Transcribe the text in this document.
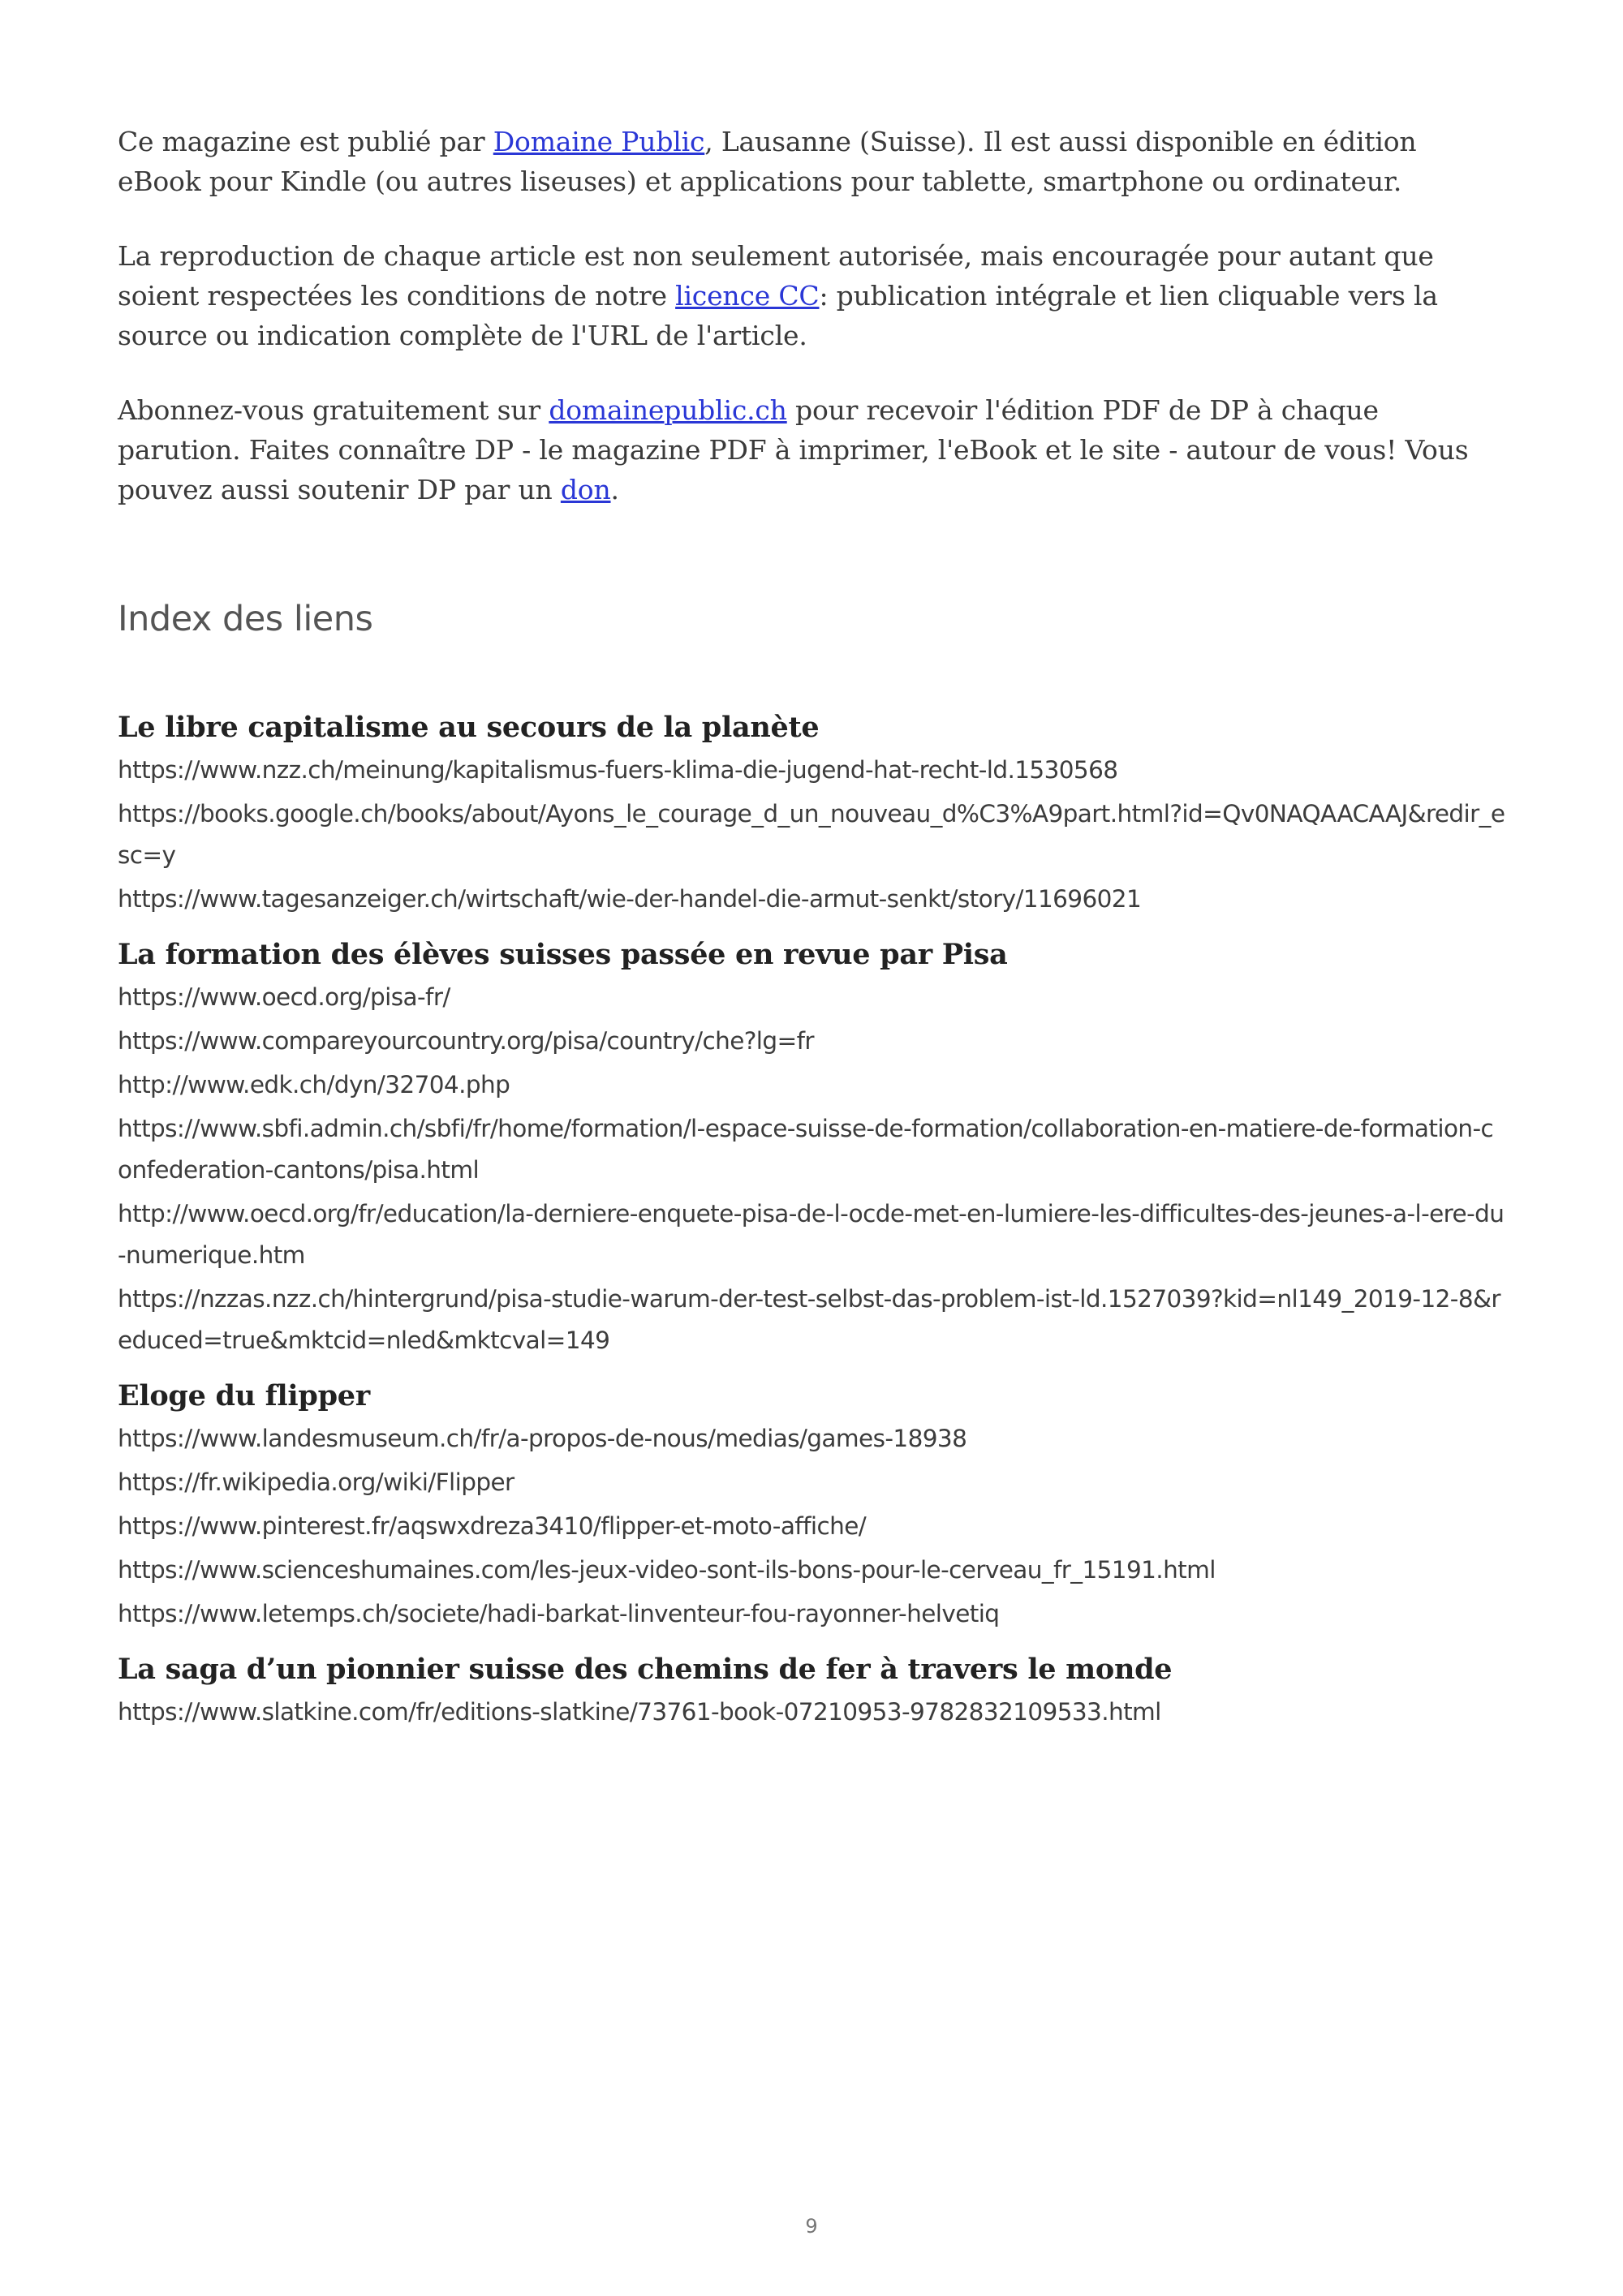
Ce magazine est publié par Domaine Public, Lausanne (Suisse). Il est aussi disponible en édition eBook pour Kindle (ou autres liseuses) et applications pour tablette, smartphone ou ordinateur.

La reproduction de chaque article est non seulement autorisée, mais encouragée pour autant que soient respectées les conditions de notre licence CC: publication intégrale et lien cliquable vers la source ou indication complète de l'URL de l'article.

Abonnez-vous gratuitement sur domainepublic.ch pour recevoir l'édition PDF de DP à chaque parution. Faites connaître DP - le magazine PDF à imprimer, l'eBook et le site - autour de vous! Vous pouvez aussi soutenir DP par un don.

Index des liens
Le libre capitalisme au secours de la planète
https://www.nzz.ch/meinung/kapitalismus-fuers-klima-die-jugend-hat-recht-ld.1530568
https://books.google.ch/books/about/Ayons_le_courage_d_un_nouveau_d%C3%A9part.html?id=Qv0NAQAACAAJ&redir_esc=y
https://www.tagesanzeiger.ch/wirtschaft/wie-der-handel-die-armut-senkt/story/11696021
La formation des élèves suisses passée en revue par Pisa
https://www.oecd.org/pisa-fr/
https://www.compareyourcountry.org/pisa/country/che?lg=fr
http://www.edk.ch/dyn/32704.php
https://www.sbfi.admin.ch/sbfi/fr/home/formation/l-espace-suisse-de-formation/collaboration-en-matiere-de-formation-confederation-cantons/pisa.html
http://www.oecd.org/fr/education/la-derniere-enquete-pisa-de-l-ocde-met-en-lumiere-les-difficultes-des-jeunes-a-l-ere-du-numerique.htm
https://nzzas.nzz.ch/hintergrund/pisa-studie-warum-der-test-selbst-das-problem-ist-ld.1527039?kid=nl149_2019-12-8&reduced=true&mktcid=nled&mktcval=149
Eloge du flipper
https://www.landesmuseum.ch/fr/a-propos-de-nous/medias/games-18938
https://fr.wikipedia.org/wiki/Flipper
https://www.pinterest.fr/aqswxdreza3410/flipper-et-moto-affiche/
https://www.scienceshumaines.com/les-jeux-video-sont-ils-bons-pour-le-cerveau_fr_15191.html
https://www.letemps.ch/societe/hadi-barkat-linventeur-fou-rayonner-helvetiq
La saga d’un pionnier suisse des chemins de fer à travers le monde
https://www.slatkine.com/fr/editions-slatkine/73761-book-07210953-9782832109533.html
9
